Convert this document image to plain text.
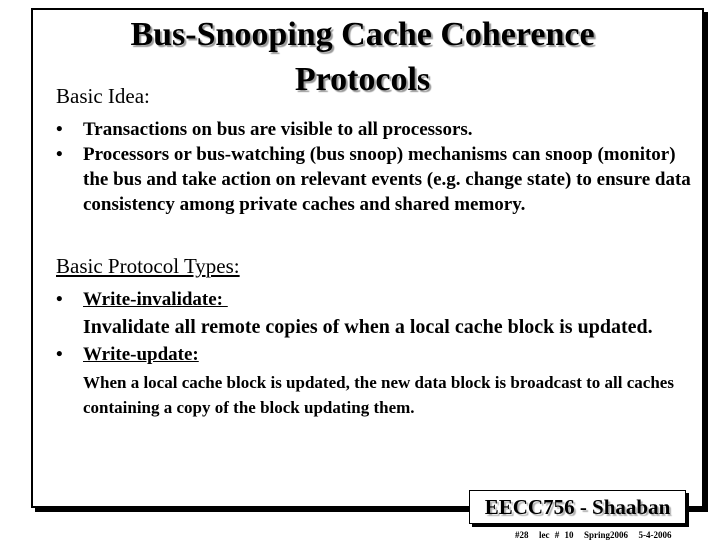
Bus-Snooping Cache Coherence Protocols
Basic Idea:
• Transactions on bus are visible to all processors.
• Processors or bus-watching (bus snoop) mechanisms can snoop (monitor) the bus and take action on relevant events (e.g. change state) to ensure data consistency among private caches and shared memory.
Basic Protocol Types:
• Write-invalidate:
Invalidate all remote copies of when a local cache block is updated.
• Write-update:
When a local cache block is updated, the new data block is broadcast to all caches containing a copy of the block updating them.
EECC756 - Shaaban
#28  lec # 10  Spring2006  5-4-2006
